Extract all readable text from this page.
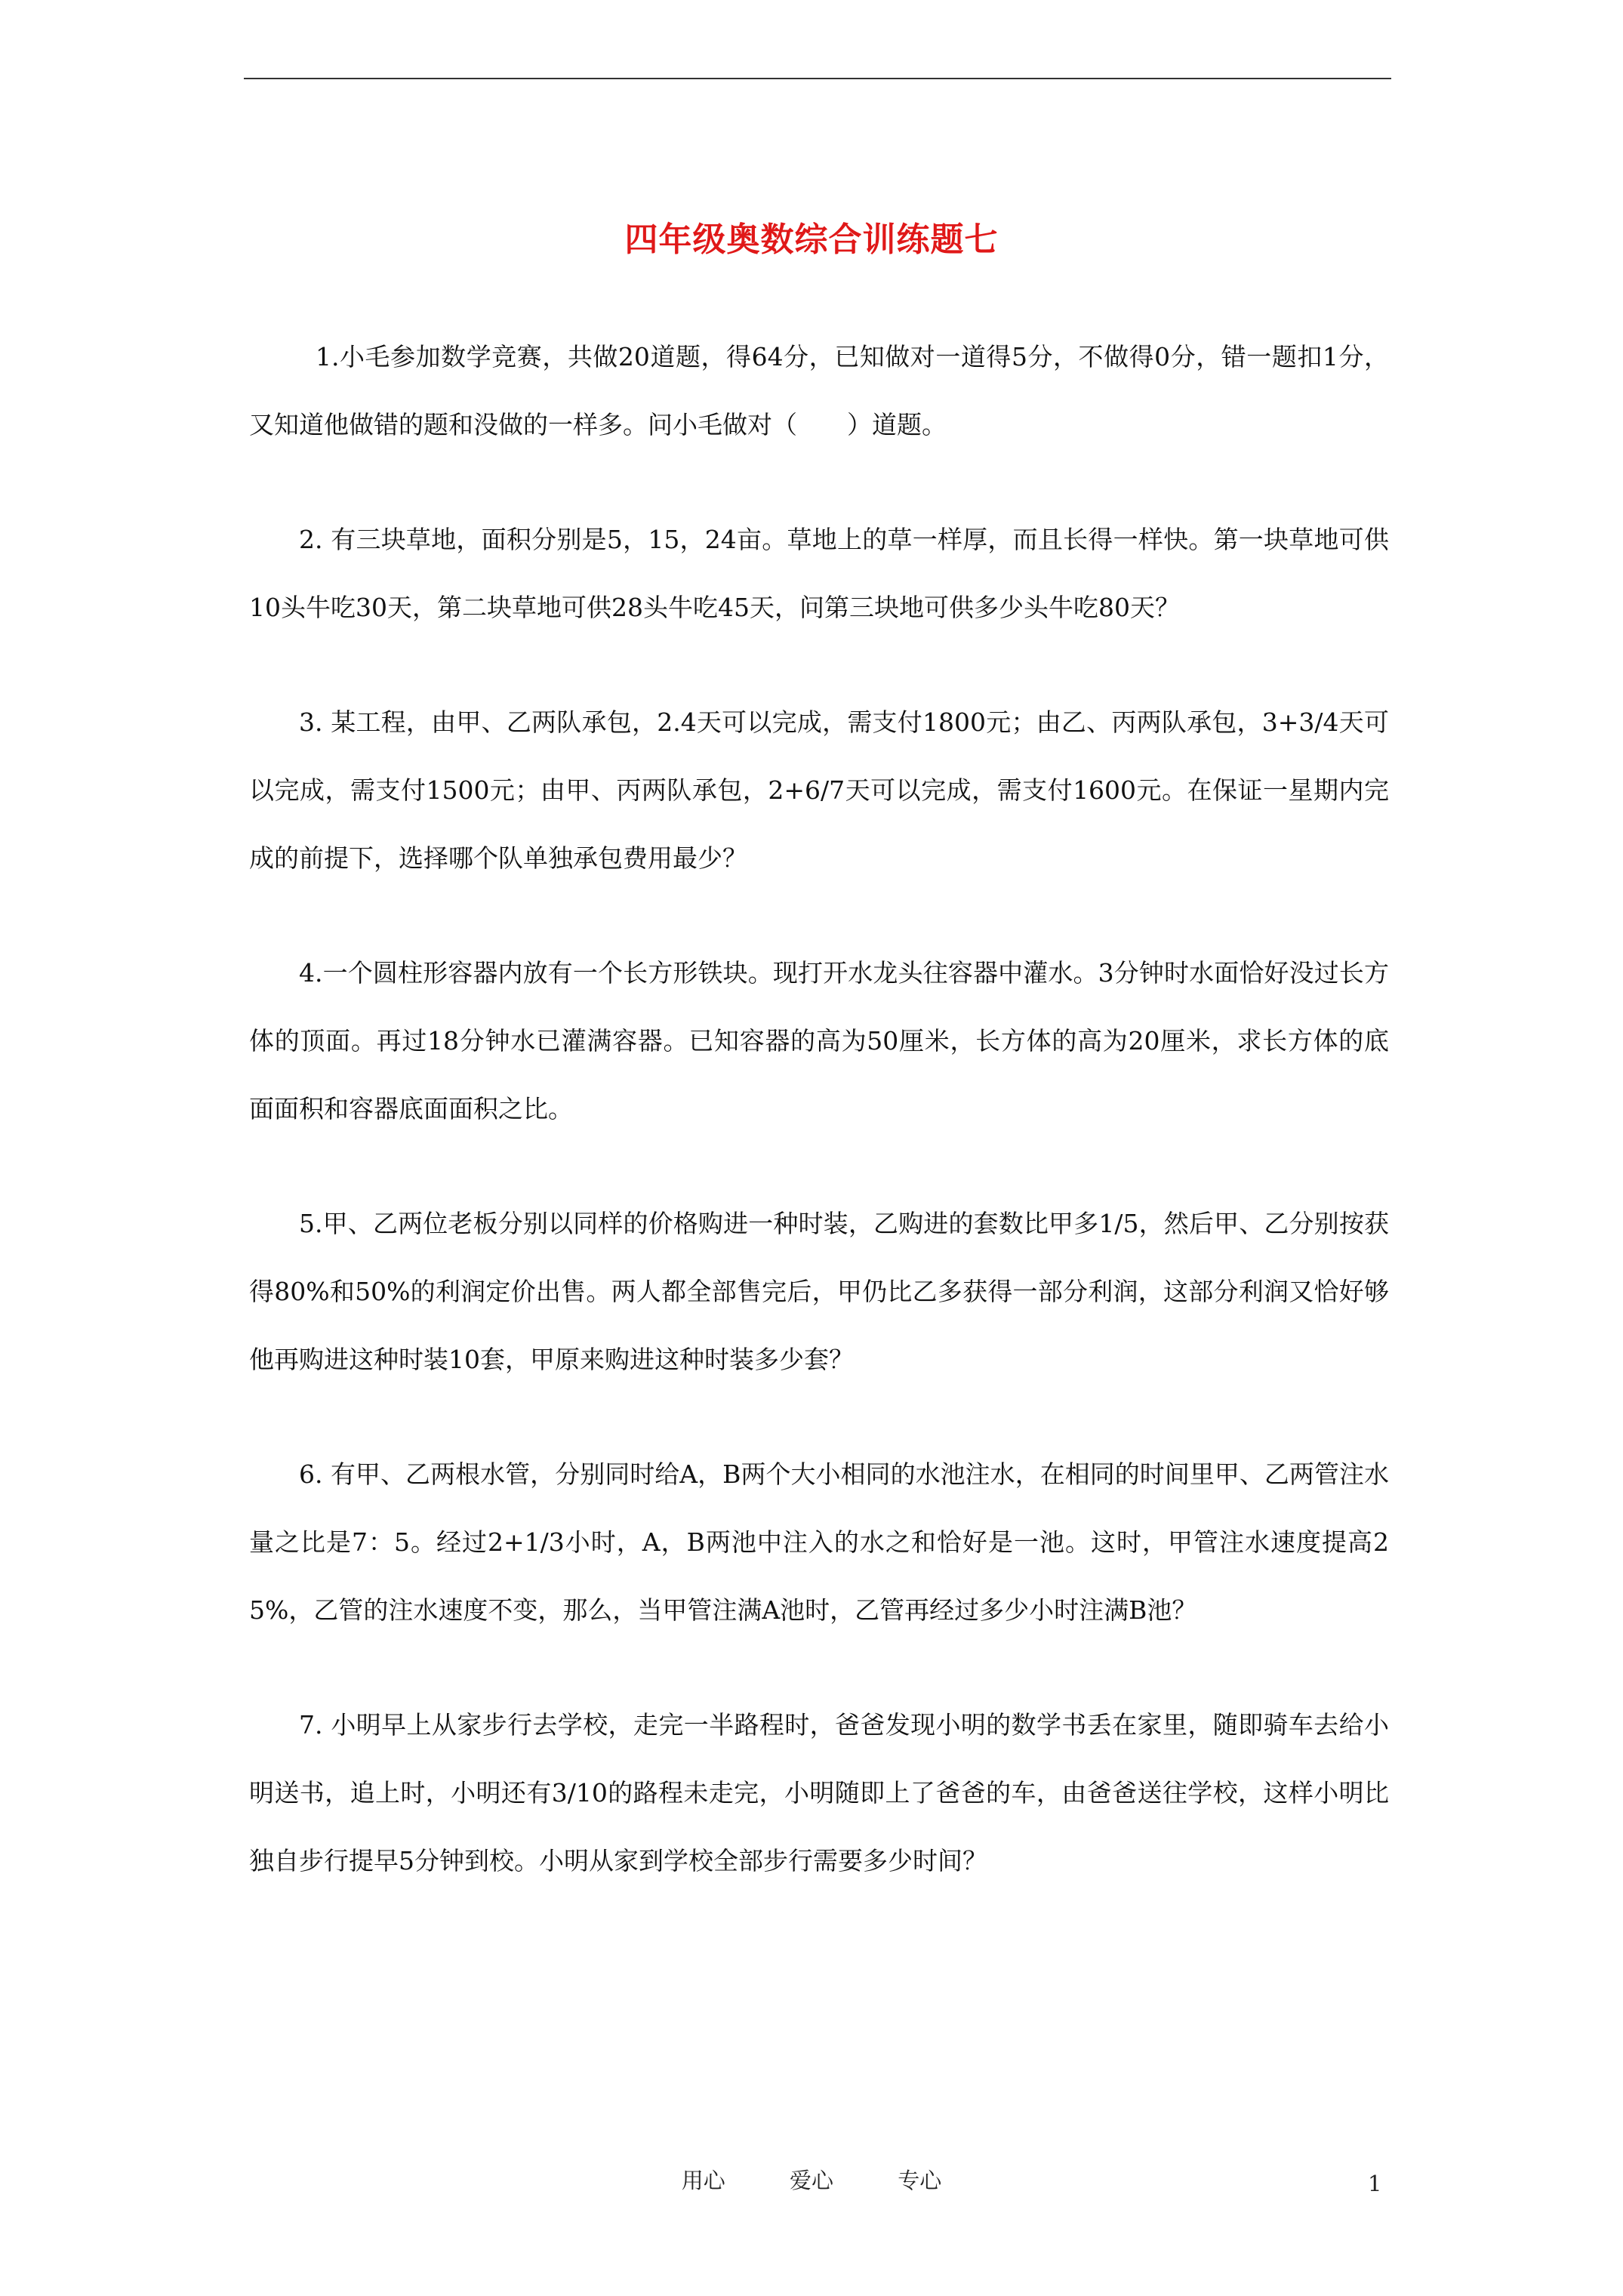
四年级奥数综合训练题七

1.小毛参加数学竞赛，共做20道题，得64分，已知做对一道得5分，不做得0分，错一题扣1分，又知道他做错的题和没做的一样多。问小毛做对（　　）道题。

2. 有三块草地，面积分别是5，15，24亩。草地上的草一样厚，而且长得一样快。第一块草地可供10头牛吃30天，第二块草地可供28头牛吃45天，问第三块地可供多少头牛吃80天？

3. 某工程，由甲、乙两队承包，2.4天可以完成，需支付1800元；由乙、丙两队承包，3+3/4天可以完成，需支付1500元；由甲、丙两队承包，2+6/7天可以完成，需支付1600元。在保证一星期内完成的前提下，选择哪个队单独承包费用最少？

4.一个圆柱形容器内放有一个长方形铁块。现打开水龙头往容器中灌水。3分钟时水面恰好没过长方体的顶面。再过18分钟水已灌满容器。已知容器的高为50厘米，长方体的高为20厘米，求长方体的底面面积和容器底面面积之比。

5.甲、乙两位老板分别以同样的价格购进一种时装，乙购进的套数比甲多1/5，然后甲、乙分别按获得80%和50%的利润定价出售。两人都全部售完后，甲仍比乙多获得一部分利润，这部分利润又恰好够他再购进这种时装10套，甲原来购进这种时装多少套？

6. 有甲、乙两根水管，分别同时给A，B两个大小相同的水池注水，在相同的时间里甲、乙两管注水量之比是7：5。经过2+1/3小时，A，B两池中注入的水之和恰好是一池。这时，甲管注水速度提高25%，乙管的注水速度不变，那么，当甲管注满A池时，乙管再经过多少小时注满B池？

7. 小明早上从家步行去学校，走完一半路程时，爸爸发现小明的数学书丢在家里，随即骑车去给小明送书，追上时，小明还有3/10的路程未走完，小明随即上了爸爸的车，由爸爸送往学校，这样小明比独自步行提早5分钟到校。小明从家到学校全部步行需要多少时间？

用心	爱心	专心	1
